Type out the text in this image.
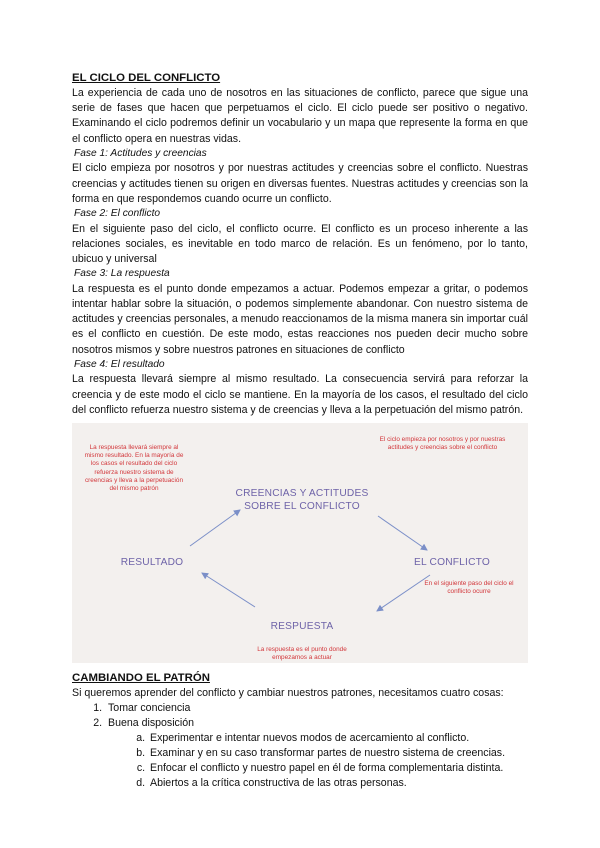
EL CICLO DEL CONFLICTO

La experiencia de cada uno de nosotros en las situaciones de conflicto, parece que sigue una serie de fases que hacen que perpetuamos el ciclo. El ciclo puede ser positivo o negativo. Examinando el ciclo podremos definir un vocabulario y un mapa que represente la forma en que el conflicto opera en nuestras vidas.

Fase 1: Actitudes y creencias

El ciclo empieza por nosotros y por nuestras actitudes y creencias sobre el conflicto. Nuestras creencias y actitudes tienen su origen en diversas fuentes. Nuestras actitudes y creencias son la forma en que respondemos cuando ocurre un conflicto.

Fase 2: El conflicto

En el siguiente paso del ciclo, el conflicto ocurre. El conflicto es un proceso inherente a las relaciones sociales, es inevitable en todo marco de relación. Es un fenómeno, por lo tanto, ubicuo y universal

Fase 3: La respuesta

La respuesta es el punto donde empezamos a actuar. Podemos empezar a gritar, o podemos intentar hablar sobre la situación, o podemos simplemente abandonar. Con nuestro sistema de actitudes y creencias personales, a menudo reaccionamos de la misma manera sin importar cuál es el conflicto en cuestión. De este modo, estas reacciones nos pueden decir mucho sobre nosotros mismos y sobre nuestros patrones en situaciones de conflicto

Fase 4: El resultado

La respuesta llevará siempre al mismo resultado. La consecuencia servirá para reforzar la creencia y de este modo el ciclo se mantiene. En la mayoría de los casos, el resultado del ciclo del conflicto refuerza nuestro sistema y de creencias y lleva a la perpetuación del mismo patrón.

CREENCIAS Y ACTITUDES SOBRE EL CONFLICTO
EL CONFLICTO
RESPUESTA
RESULTADO
El ciclo empieza por nosotros y por nuestras actitudes y creencias sobre el conflicto
En el siguiente paso del ciclo el conflicto ocurre
La respuesta es el punto donde empezamos a actuar
La respuesta llevará siempre al mismo resultado. En la mayoría de los casos el resultado del ciclo refuerza nuestro sistema de creencias y lleva a la perpetuación del mismo patrón

CAMBIANDO EL PATRÓN

Si queremos aprender del conflicto y cambiar nuestros patrones, necesitamos cuatro cosas:

1. Tomar conciencia
2. Buena disposición
a. Experimentar e intentar nuevos modos de acercamiento al conflicto.
b. Examinar y en su caso transformar partes de nuestro sistema de creencias.
c. Enfocar el conflicto y nuestro papel en él de forma complementaria distinta.
d. Abiertos a la crítica constructiva de las otras personas.
